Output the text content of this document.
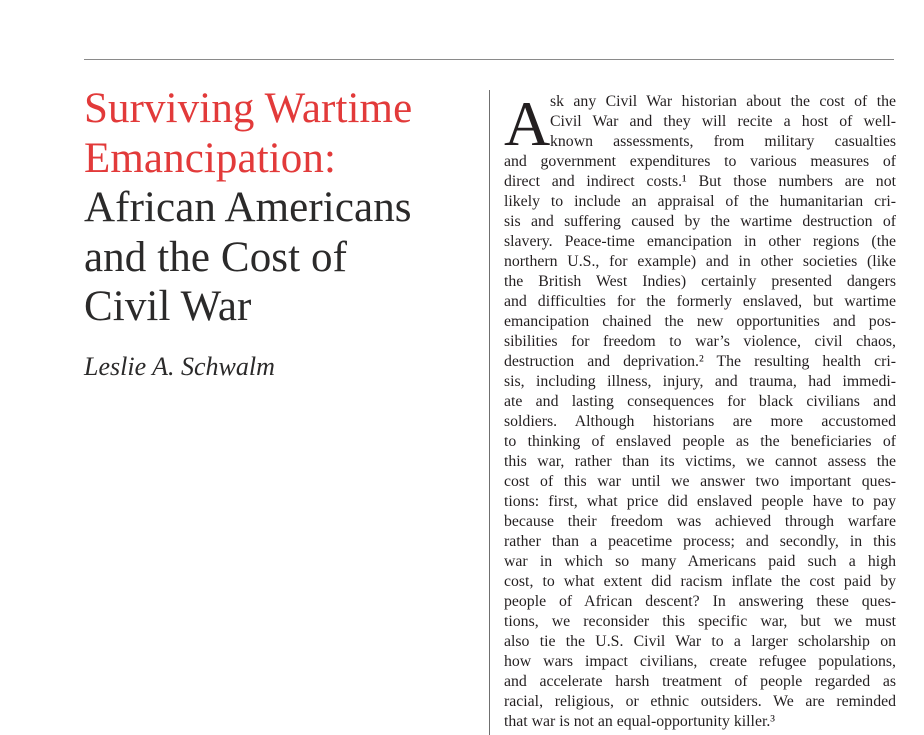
Surviving Wartime
Emancipation:
African Americans
and the Cost of
Civil War
Leslie A. Schwalm
A sk any Civil War historian about the cost of the
Civil War and they will recite a host of well-
known assessments, from military casualties
and government expenditures to various measures of
direct and indirect costs.¹ But those numbers are not
likely to include an appraisal of the humanitarian cri-
sis and suffering caused by the wartime destruction of
slavery. Peace-time emancipation in other regions (the
northern U.S., for example) and in other societies (like
the British West Indies) certainly presented dangers
and difficulties for the formerly enslaved, but wartime
emancipation chained the new opportunities and pos-
sibilities for freedom to war’s violence, civil chaos,
destruction and deprivation.² The resulting health cri-
sis, including illness, injury, and trauma, had immedi-
ate and lasting consequences for black civilians and
soldiers. Although historians are more accustomed
to thinking of enslaved people as the beneficiaries of
this war, rather than its victims, we cannot assess the
cost of this war until we answer two important ques-
tions: first, what price did enslaved people have to pay
because their freedom was achieved through warfare
rather than a peacetime process; and secondly, in this
war in which so many Americans paid such a high
cost, to what extent did racism inflate the cost paid by
people of African descent? In answering these ques-
tions, we reconsider this specific war, but we must
also tie the U.S. Civil War to a larger scholarship on
how wars impact civilians, create refugee populations,
and accelerate harsh treatment of people regarded as
racial, religious, or ethnic outsiders. We are reminded
that war is not an equal-opportunity killer.³
